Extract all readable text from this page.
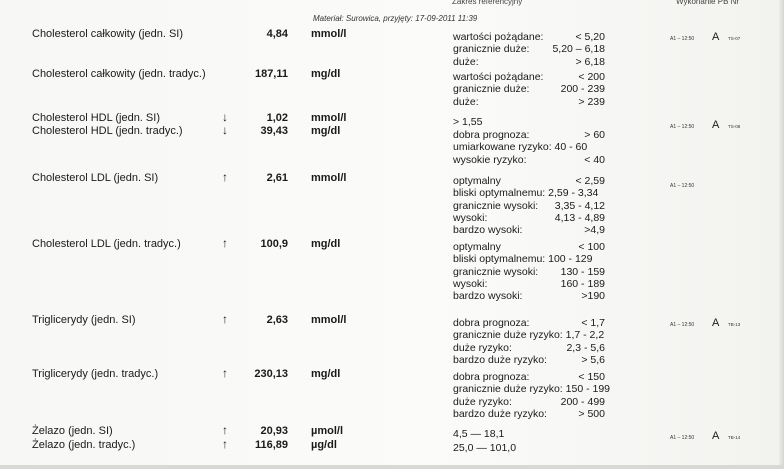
Zakres referencyjny	Wykonanie PB Nr
Materiał: Surowica, przyjęty: 17-09-2011 11:39
Cholesterol całkowity (jedn. SI)	4,84 mmol/l	wartości pożądane:	< 5,20
granicznie duże: 5,20 – 6,18
duże:	> 6,18
A1 – 12:50 A TS-07
Cholesterol całkowity (jedn. tradyc.)	187,11 mg/dl	wartości pożądane:	< 200
granicznie duże:	200 - 239
duże:	> 239
Cholesterol HDL (jedn. SI)	↓	1,02 mmol/l	> 1,55
Cholesterol HDL (jedn. tradyc.)	↓	39,43 mg/dl	dobra prognoza:	> 60
umiarkowane ryzyko: 40 - 60
wysokie ryzyko:	< 40
A1 – 12:50 A TS-08
Cholesterol LDL (jedn. SI)	↑	2,61 mmol/l	optymalny	< 2,59
bliski optymalnemu: 2,59 - 3,34
granicznie wysoki: 3,35 - 4,12
wysoki:	4,13 - 4,89
bardzo wysoki:	>4,9
A1 – 12:50
Cholesterol LDL (jedn. tradyc.)	↑	100,9 mg/dl	optymalny	< 100
bliski optymalnemu: 100 - 129
granicznie wysoki: 130 - 159
wysoki:	160 - 189
bardzo wysoki:	>190
Triglicerydy (jedn. SI)	↑	2,63 mmol/l	dobra prognoza:	< 1,7
granicznie duże ryzyko: 1,7 - 2,2
duże ryzyko:	2,3 - 5,6
bardzo duże ryzyko:	> 5,6
A1 – 12:50 A TB-13
Triglicerydy (jedn. tradyc.)	↑ 230,13 mg/dl	dobra prognoza:	< 150
granicznie duże ryzyko: 150 - 199
duże ryzyko:	200 - 499
bardzo duże ryzyko:	> 500
Żelazo (jedn. SI)	↑	20,93 µmol/l	4,5 — 18,1	A1 – 12:50 A TB-14
Żelazo (jedn. tradyc.)	↑ 116,89 µg/dl	25,0 — 101,0
